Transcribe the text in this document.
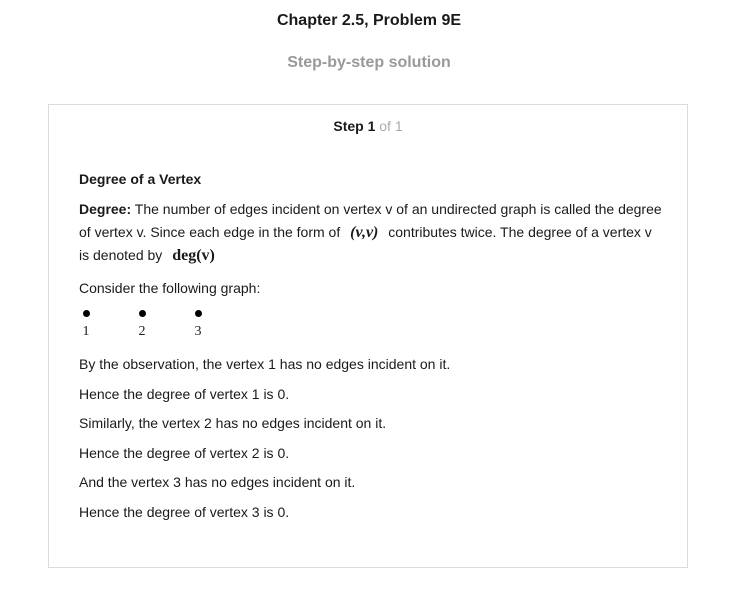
Chapter 2.5, Problem 9E
Step-by-step solution
Step 1 of 1
Degree of a Vertex

Degree: The number of edges incident on vertex v of an undirected graph is called the degree of vertex v. Since each edge in the form of (v,v) contributes twice. The degree of a vertex v is denoted by deg(v)

Consider the following graph:

1	2	3

By the observation, the vertex 1 has no edges incident on it.

Hence the degree of vertex 1 is 0.

Similarly, the vertex 2 has no edges incident on it.

Hence the degree of vertex 2 is 0.

And the vertex 3 has no edges incident on it.

Hence the degree of vertex 3 is 0.
